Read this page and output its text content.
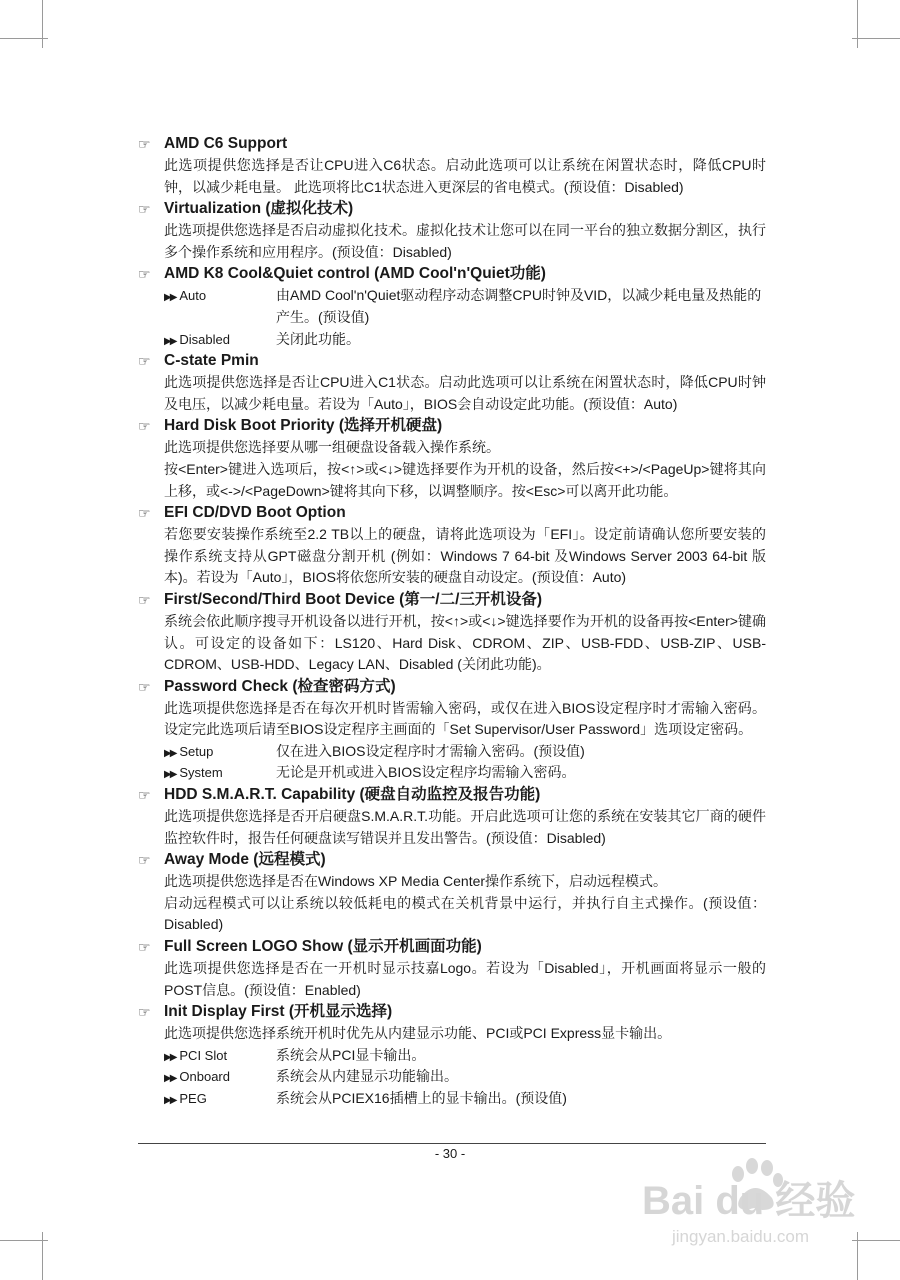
☞ AMD C6 Support
此选项提供您选择是否让CPU进入C6状态。启动此选项可以让系统在闲置状态时，降低CPU时钟，以减少耗电量。 此选项将比C1状态进入更深层的省电模式。(预设值：Disabled)
☞ Virtualization (虚拟化技术)
此选项提供您选择是否启动虚拟化技术。虚拟化技术让您可以在同一平台的独立数据分割区，执行多个操作系统和应用程序。(预设值：Disabled)
☞ AMD K8 Cool&Quiet control (AMD Cool'n'Quiet功能)
▶▶ Auto	由AMD Cool'n'Quiet驱动程序动态调整CPU时钟及VID，以减少耗电量及热能的产生。(预设值)
▶▶ Disabled	关闭此功能。
☞ C-state Pmin
此选项提供您选择是否让CPU进入C1状态。启动此选项可以让系统在闲置状态时，降低CPU时钟及电压，以减少耗电量。若设为「Auto」，BIOS会自动设定此功能。(预设值：Auto)
☞ Hard Disk Boot Priority (选择开机硬盘)
此选项提供您选择要从哪一组硬盘设备载入操作系统。
按<Enter>键进入选项后，按<↑>或<↓>键选择要作为开机的设备，然后按<+>/<PageUp>键将其向上移，或<->/<PageDown>键将其向下移，以调整顺序。按<Esc>可以离开此功能。
☞ EFI CD/DVD Boot Option
若您要安装操作系统至2.2 TB以上的硬盘，请将此选项设为「EFI」。设定前请确认您所要安装的操作系统支持从GPT磁盘分割开机 (例如：Windows 7 64-bit 及Windows Server 2003 64-bit 版本)。若设为「Auto」，BIOS将依您所安装的硬盘自动设定。(预设值：Auto)
☞ First/Second/Third Boot Device (第一/二/三开机设备)
系统会依此顺序搜寻开机设备以进行开机，按<↑>或<↓>键选择要作为开机的设备再按<Enter>键确认。可设定的设备如下：LS120、Hard Disk、CDROM、ZIP、USB-FDD、USB-ZIP、USB-CDROM、USB-HDD、Legacy LAN、Disabled (关闭此功能)。
☞ Password Check (检查密码方式)
此选项提供您选择是否在每次开机时皆需输入密码，或仅在进入BIOS设定程序时才需输入密码。设定完此选项后请至BIOS设定程序主画面的「Set Supervisor/User Password」选项设定密码。
▶▶ Setup	仅在进入BIOS设定程序时才需输入密码。(预设值)
▶▶ System	无论是开机或进入BIOS设定程序均需输入密码。
☞ HDD S.M.A.R.T. Capability (硬盘自动监控及报告功能)
此选项提供您选择是否开启硬盘S.M.A.R.T.功能。开启此选项可让您的系统在安装其它厂商的硬件监控软件时，报告任何硬盘读写错误并且发出警告。(预设值：Disabled)
☞ Away Mode (远程模式)
此选项提供您选择是否在Windows XP Media Center操作系统下，启动远程模式。
启动远程模式可以让系统以较低耗电的模式在关机背景中运行，并执行自主式操作。(预设值：Disabled)
☞ Full Screen LOGO Show (显示开机画面功能)
此选项提供您选择是否在一开机时显示技嘉Logo。若设为「Disabled」，开机画面将显示一般的POST信息。(预设值：Enabled)
☞ Init Display First (开机显示选择)
此选项提供您选择系统开机时优先从内建显示功能、PCI或PCI Express显卡输出。
▶▶ PCI Slot	系统会从PCI显卡输出。
▶▶ Onboard	系统会从内建显示功能输出。
▶▶ PEG	系统会从PCIEX16插槽上的显卡输出。(预设值)
- 30 -
Bai du 经验
jingyan.baidu.com
